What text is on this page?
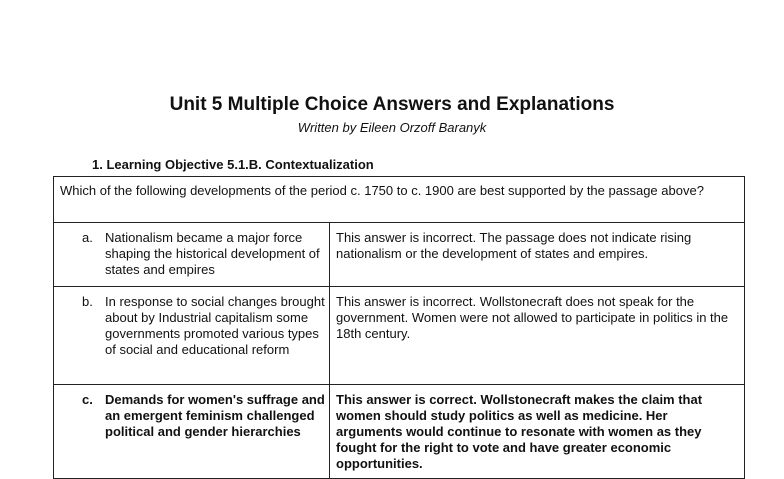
Unit 5 Multiple Choice Answers and Explanations
Written by Eileen Orzoff Baranyk
1. Learning Objective 5.1.B. Contextualization
Which of the following developments of the period c. 1750 to c. 1900 are best supported by the passage above?	

a. Nationalism became a major force shaping the historical development of states and empires	This answer is incorrect. The passage does not indicate rising nationalism or the development of states and empires.

b. In response to social changes brought about by Industrial capitalism some governments promoted various types of social and educational reform	This answer is incorrect. Wollstonecraft does not speak for the government. Women were not allowed to participate in politics in the 18th century.

c. Demands for women's suffrage and an emergent feminism challenged political and gender hierarchies	This answer is correct. Wollstonecraft makes the claim that women should study politics as well as medicine. Her arguments would continue to resonate with women as they fought for the right to vote and have greater economic opportunities.
